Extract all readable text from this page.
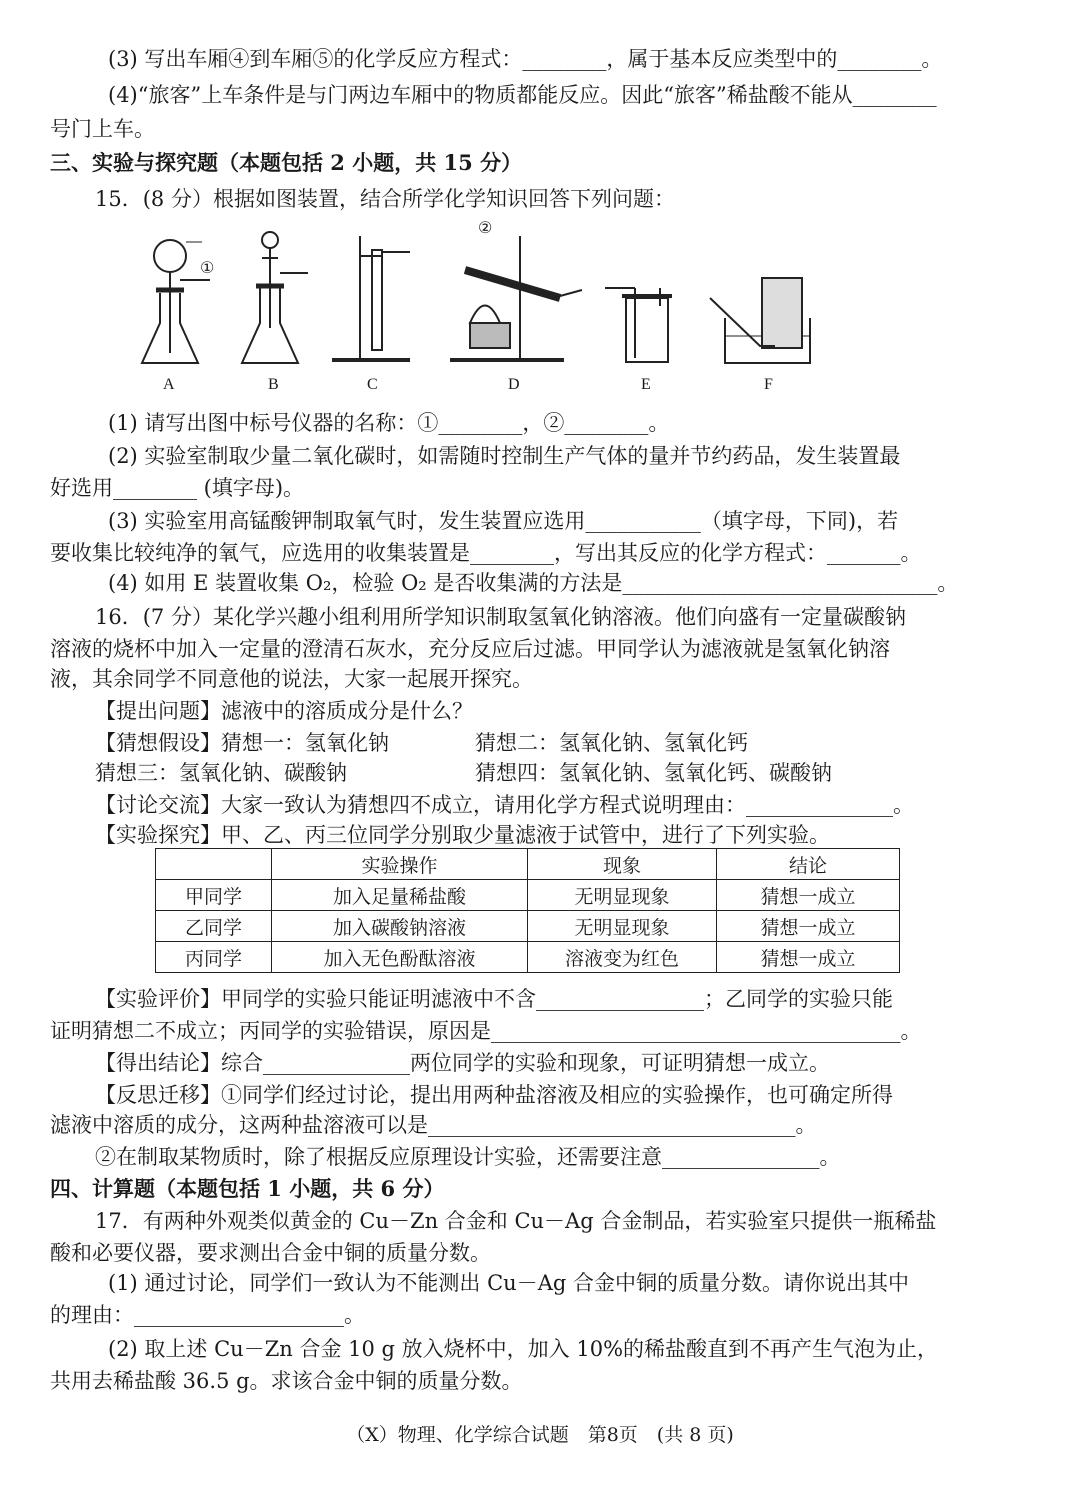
(3) 写出车厢④到车厢⑤的化学反应方程式：________，属于基本反应类型中的________。
(4)“旅客”上车条件是与门两边车厢中的物质都能反应。因此“旅客”稀盐酸不能从________
号门上车。
三、实验与探究题（本题包括 2 小题，共 15 分）
15．(8 分）根据如图装置，结合所学化学知识回答下列问题：
①
②
A	B	C	D	E	F
(1) 请写出图中标号仪器的名称：①________，②________。
(2) 实验室制取少量二氧化碳时，如需随时控制生产气体的量并节约药品，发生装置最
好选用________ (填字母)。
(3) 实验室用高锰酸钾制取氧气时，发生装置应选用___________（填字母，下同)，若
要收集比较纯净的氧气，应选用的收集装置是________，写出其反应的化学方程式：_______。
(4) 如用 E 装置收集 O₂，检验 O₂ 是否收集满的方法是______________________________。
16．(7 分）某化学兴趣小组利用所学知识制取氢氧化钠溶液。他们向盛有一定量碳酸钠
溶液的烧杯中加入一定量的澄清石灰水，充分反应后过滤。甲同学认为滤液就是氢氧化钠溶
液，其余同学不同意他的说法，大家一起展开探究。
【提出问题】滤液中的溶质成分是什么？
【猜想假设】猜想一：氢氧化钠	猜想二：氢氧化钠、氢氧化钙
猜想三：氢氧化钠、碳酸钠	猜想四：氢氧化钠、氢氧化钙、碳酸钠
【讨论交流】大家一致认为猜想四不成立，请用化学方程式说明理由：______________。
【实验探究】甲、乙、丙三位同学分别取少量滤液于试管中，进行了下列实验。
	实验操作	现象	结论
甲同学	加入足量稀盐酸	无明显现象	猜想一成立
乙同学	加入碳酸钠溶液	无明显现象	猜想一成立
丙同学	加入无色酚酞溶液	溶液变为红色	猜想一成立
【实验评价】甲同学的实验只能证明滤液中不含________________；乙同学的实验只能
证明猜想二不成立；丙同学的实验错误，原因是_______________________________________。
【得出结论】综合______________两位同学的实验和现象，可证明猜想一成立。
【反思迁移】①同学们经过讨论，提出用两种盐溶液及相应的实验操作，也可确定所得
滤液中溶质的成分，这两种盐溶液可以是___________________________________。
②在制取某物质时，除了根据反应原理设计实验，还需要注意_______________。
四、计算题（本题包括 1 小题，共 6 分）
17．有两种外观类似黄金的 Cu－Zn 合金和 Cu－Ag 合金制品，若实验室只提供一瓶稀盐
酸和必要仪器，要求测出合金中铜的质量分数。
(1) 通过讨论，同学们一致认为不能测出 Cu－Ag 合金中铜的质量分数。请你说出其中
的理由：____________________。
(2) 取上述 Cu－Zn 合金 10 g 放入烧杯中，加入 10%的稀盐酸直到不再产生气泡为止，
共用去稀盐酸 36.5 g。求该合金中铜的质量分数。
（X）物理、化学综合试题　第8页　(共 8 页)
